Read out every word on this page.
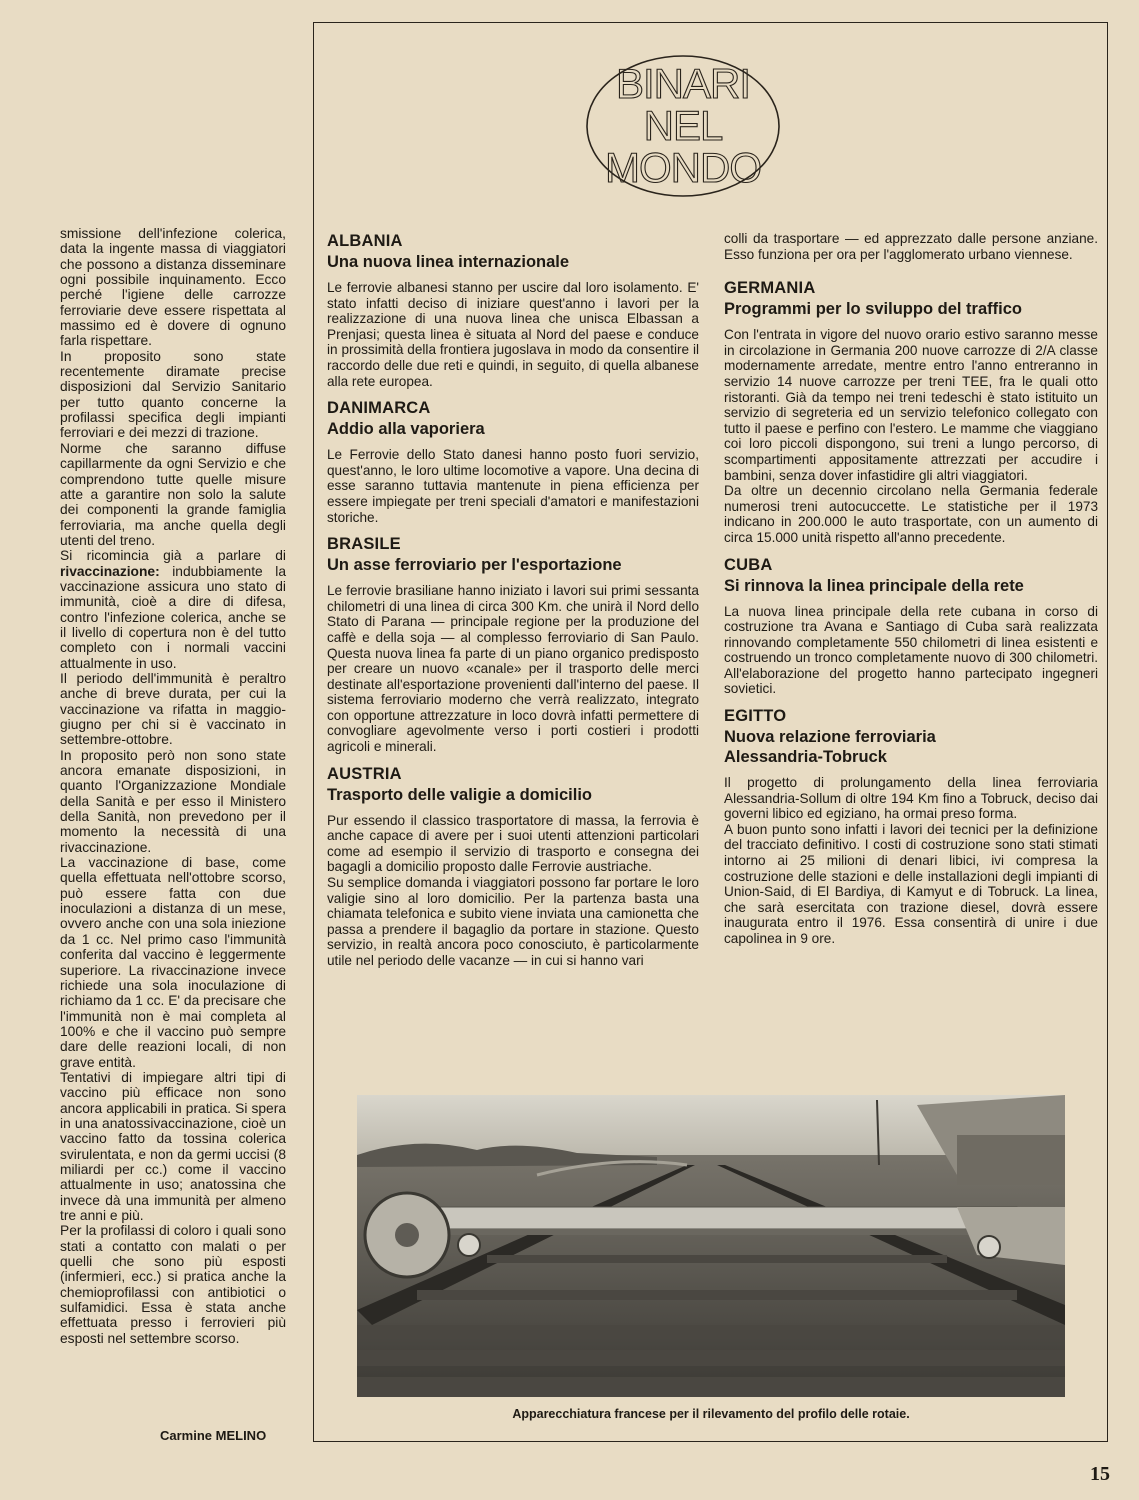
smissione dell'infezione colerica, data la ingente massa di viaggiatori che possono a distanza disseminare ogni possibile inquinamento. Ecco perché l'igiene delle carrozze ferroviarie deve essere rispettata al massimo ed è dovere di ognuno farla rispettare.

In proposito sono state recentemente diramate precise disposizioni dal Servizio Sanitario per tutto quanto concerne la profilassi specifica degli impianti ferroviari e dei mezzi di trazione.

Norme che saranno diffuse capillarmente da ogni Servizio e che comprendono tutte quelle misure atte a garantire non solo la salute dei componenti la grande famiglia ferroviaria, ma anche quella degli utenti del treno.

Si ricomincia già a parlare di rivaccinazione: indubbiamente la vaccinazione assicura uno stato di immunità, cioè a dire di difesa, contro l'infezione colerica, anche se il livello di copertura non è del tutto completo con i normali vaccini attualmente in uso.

Il periodo dell'immunità è peraltro anche di breve durata, per cui la vaccinazione va rifatta in maggio-giugno per chi si è vaccinato in settembre-ottobre.

In proposito però non sono state ancora emanate disposizioni, in quanto l'Organizzazione Mondiale della Sanità e per esso il Ministero della Sanità, non prevedono per il momento la necessità di una rivaccinazione.

La vaccinazione di base, come quella effettuata nell'ottobre scorso, può essere fatta con due inoculazioni a distanza di un mese, ovvero anche con una sola iniezione da 1 cc. Nel primo caso l'immunità conferita dal vaccino è leggermente superiore. La rivaccinazione invece richiede una sola inoculazione di richiamo da 1 cc. E' da precisare che l'immunità non è mai completa al 100% e che il vaccino può sempre dare delle reazioni locali, di non grave entità.

Tentativi di impiegare altri tipi di vaccino più efficace non sono ancora applicabili in pratica. Si spera in una anatossivaccinazione, cioè un vaccino fatto da tossina colerica svirulentata, e non da germi uccisi (8 miliardi per cc.) come il vaccino attualmente in uso; anatossina che invece dà una immunità per almeno tre anni e più.

Per la profilassi di coloro i quali sono stati a contatto con malati o per quelli che sono più esposti (infermieri, ecc.) si pratica anche la chemioprofilassi con antibiotici o sulfamidici. Essa è stata anche effettuata presso i ferrovieri più esposti nel settembre scorso.

Carmine MELINO
BINARI
NEL
MONDO
ALBANIA
Una nuova linea internazionale

Le ferrovie albanesi stanno per uscire dal loro isolamento. E' stato infatti deciso di iniziare quest'anno i lavori per la realizzazione di una nuova linea che unisca Elbassan a Prenjasi; questa linea è situata al Nord del paese e conduce in prossimità della frontiera jugoslava in modo da consentire il raccordo delle due reti e quindi, in seguito, di quella albanese alla rete europea.

DANIMARCA
Addio alla vaporiera

Le Ferrovie dello Stato danesi hanno posto fuori servizio, quest'anno, le loro ultime locomotive a vapore. Una decina di esse saranno tuttavia mantenute in piena efficienza per essere impiegate per treni speciali d'amatori e manifestazioni storiche.

BRASILE
Un asse ferroviario per l'esportazione

Le ferrovie brasiliane hanno iniziato i lavori sui primi sessanta chilometri di una linea di circa 300 Km. che unirà il Nord dello Stato di Parana — principale regione per la produzione del caffè e della soja — al complesso ferroviario di San Paulo. Questa nuova linea fa parte di un piano organico predisposto per creare un nuovo «canale» per il trasporto delle merci destinate all'esportazione provenienti dall'interno del paese. Il sistema ferroviario moderno che verrà realizzato, integrato con opportune attrezzature in loco dovrà infatti permettere di convogliare agevolmente verso i porti costieri i prodotti agricoli e minerali.

AUSTRIA
Trasporto delle valigie a domicilio

Pur essendo il classico trasportatore di massa, la ferrovia è anche capace di avere per i suoi utenti attenzioni particolari come ad esempio il servizio di trasporto e consegna dei bagagli a domicilio proposto dalle Ferrovie austriache.

Su semplice domanda i viaggiatori possono far portare le loro valigie sino al loro domicilio. Per la partenza basta una chiamata telefonica e subito viene inviata una camionetta che passa a prendere il bagaglio da portare in stazione. Questo servizio, in realtà ancora poco conosciuto, è particolarmente utile nel periodo delle vacanze — in cui si hanno vari

colli da trasportare — ed apprezzato dalle persone anziane. Esso funziona per ora per l'agglomerato urbano viennese.

GERMANIA
Programmi per lo sviluppo del traffico

Con l'entrata in vigore del nuovo orario estivo saranno messe in circolazione in Germania 200 nuove carrozze di 2/A classe modernamente arredate, mentre entro l'anno entreranno in servizio 14 nuove carrozze per treni TEE, fra le quali otto ristoranti. Già da tempo nei treni tedeschi è stato istituito un servizio di segreteria ed un servizio telefonico collegato con tutto il paese e perfino con l'estero. Le mamme che viaggiano coi loro piccoli dispongono, sui treni a lungo percorso, di scompartimenti appositamente attrezzati per accudire i bambini, senza dover infastidire gli altri viaggiatori.

Da oltre un decennio circolano nella Germania federale numerosi treni autocuccette. Le statistiche per il 1973 indicano in 200.000 le auto trasportate, con un aumento di circa 15.000 unità rispetto all'anno precedente.

CUBA
Si rinnova la linea principale della rete

La nuova linea principale della rete cubana in corso di costruzione tra Avana e Santiago di Cuba sarà realizzata rinnovando completamente 550 chilometri di linea esistenti e costruendo un tronco completamente nuovo di 300 chilometri. All'elaborazione del progetto hanno partecipato ingegneri sovietici.

EGITTO
Nuova relazione ferroviaria
Alessandria-Tobruck

Il progetto di prolungamento della linea ferroviaria Alessandria-Sollum di oltre 194 Km fino a Tobruck, deciso dai governi libico ed egiziano, ha ormai preso forma.

A buon punto sono infatti i lavori dei tecnici per la definizione del tracciato definitivo. I costi di costruzione sono stati stimati intorno ai 25 milioni di denari libici, ivi compresa la costruzione delle stazioni e delle installazioni degli impianti di Union-Said, di El Bardiya, di Kamyut e di Tobruck. La linea, che sarà esercitata con trazione diesel, dovrà essere inaugurata entro il 1976. Essa consentirà di unire i due capolinea in 9 ore.

Apparecchiatura francese per il rilevamento del profilo delle rotaie.
15
